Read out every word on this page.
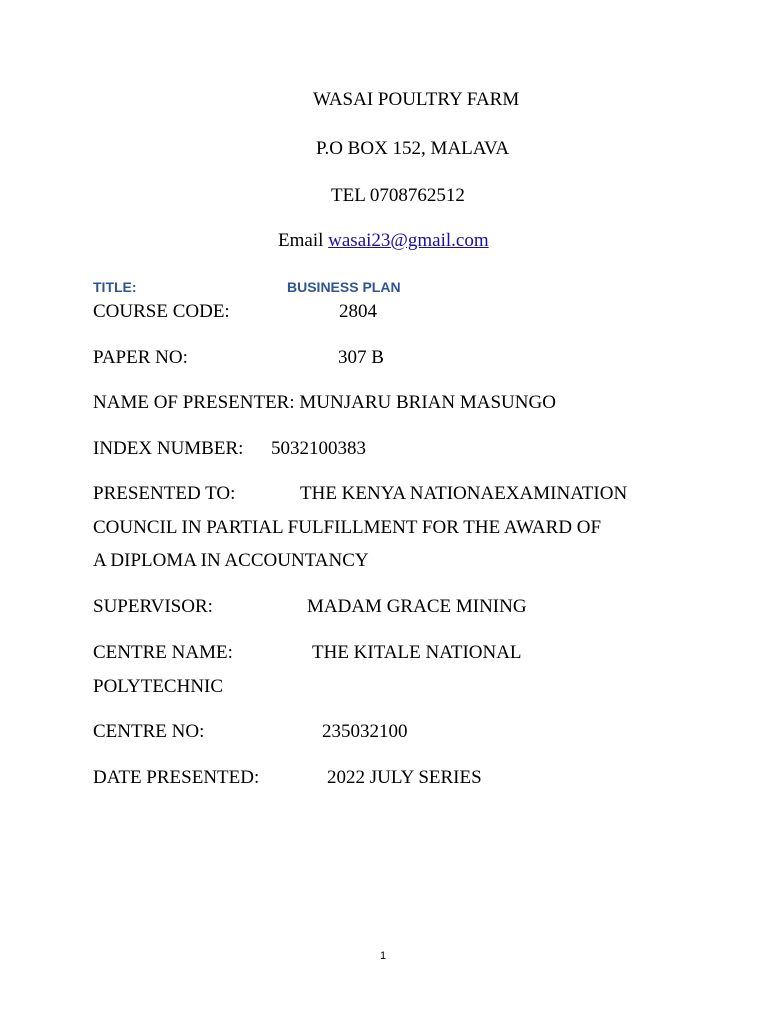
WASAI POULTRY FARM
P.O BOX 152, MALAVA
TEL 0708762512
Email wasai23@gmail.com
TITLE:	BUSINESS PLAN
COURSE CODE:	2804
PAPER NO:	307 B
NAME OF PRESENTER: MUNJARU BRIAN MASUNGO
INDEX NUMBER: 5032100383
PRESENTED TO:	THE KENYA NATIONAEXAMINATION
COUNCIL IN PARTIAL FULFILLMENT FOR THE AWARD OF
A DIPLOMA IN ACCOUNTANCY
SUPERVISOR:	MADAM GRACE MINING
CENTRE NAME:	THE KITALE NATIONAL
POLYTECHNIC
CENTRE NO:	235032100
DATE PRESENTED:	2022 JULY SERIES
1
